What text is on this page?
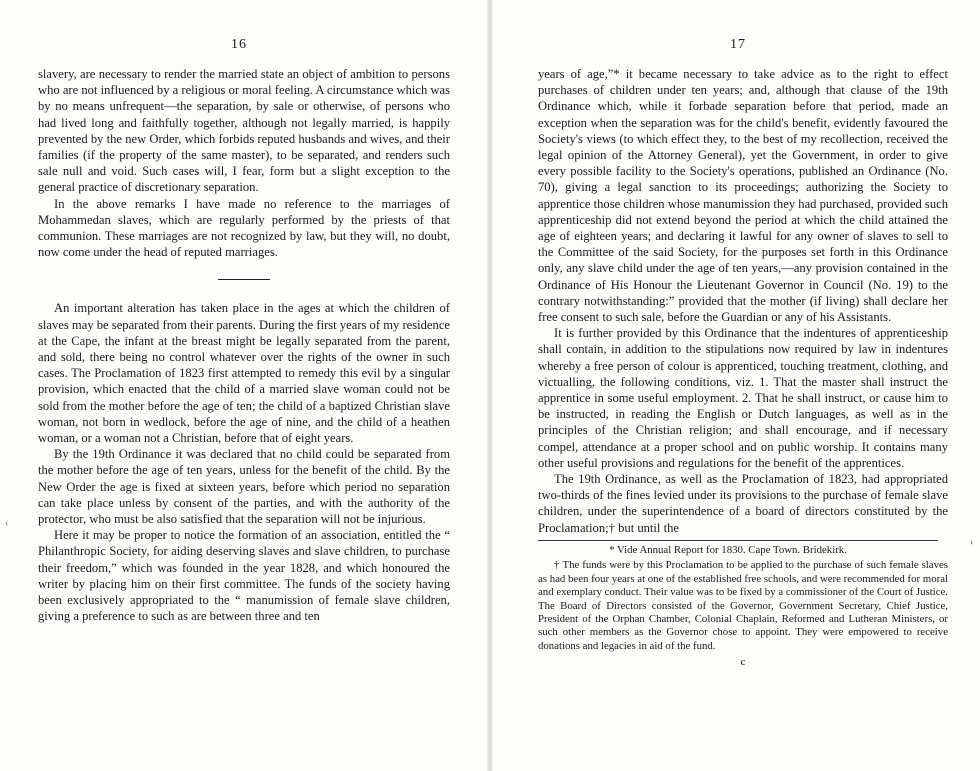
16

slavery, are necessary to render the married state an object of ambition to persons who are not influenced by a religious or moral feeling. A circumstance which was by no means unfrequent—the separation, by sale or otherwise, of persons who had lived long and faithfully together, although not legally married, is happily prevented by the new Order, which forbids reputed husbands and wives, and their families (if the property of the same master), to be separated, and renders such sale null and void. Such cases will, I fear, form but a slight exception to the general practice of discretionary separation.

In the above remarks I have made no reference to the marriages of Mohammedan slaves, which are regularly performed by the priests of that communion. These marriages are not recognized by law, but they will, no doubt, now come under the head of reputed marriages.

An important alteration has taken place in the ages at which the children of slaves may be separated from their parents. During the first years of my residence at the Cape, the infant at the breast might be legally separated from the parent, and sold, there being no control whatever over the rights of the owner in such cases. The Proclamation of 1823 first attempted to remedy this evil by a singular provision, which enacted that the child of a married slave woman could not be sold from the mother before the age of ten; the child of a baptized Christian slave woman, not born in wedlock, before the age of nine, and the child of a heathen woman, or a woman not a Christian, before that of eight years.

By the 19th Ordinance it was declared that no child could be separated from the mother before the age of ten years, unless for the benefit of the child. By the New Order the age is fixed at sixteen years, before which period no separation can take place unless by consent of the parties, and with the authority of the protector, who must be also satisfied that the separation will not be injurious.

Here it may be proper to notice the formation of an association, entitled the “ Philanthropic Society, for aiding deserving slaves and slave children, to purchase their freedom,” which was founded in the year 1828, and which honoured the writer by placing him on their first committee. The funds of the society having been exclusively appropriated to the “ manumission of female slave children, giving a preference to such as are between three and ten

17

years of age,”* it became necessary to take advice as to the right to effect purchases of children under ten years; and, although that clause of the 19th Ordinance which, while it forbade separation before that period, made an exception when the separation was for the child's benefit, evidently favoured the Society's views (to which effect they, to the best of my recollection, received the legal opinion of the Attorney General), yet the Government, in order to give every possible facility to the Society's operations, published an Ordinance (No. 70), giving a legal sanction to its proceedings; authorizing the Society to apprentice those children whose manumission they had purchased, provided such apprenticeship did not extend beyond the period at which the child attained the age of eighteen years; and declaring it lawful for any owner of slaves to sell to the Committee of the said Society, for the purposes set forth in this Ordinance only, any slave child under the age of ten years,—any provision contained in the Ordinance of His Honour the Lieutenant Governor in Council (No. 19) to the contrary notwithstanding:” provided that the mother (if living) shall declare her free consent to such sale, before the Guardian or any of his Assistants.

It is further provided by this Ordinance that the indentures of apprenticeship shall contain, in addition to the stipulations now required by law in indentures whereby a free person of colour is apprenticed, touching treatment, clothing, and victualling, the following conditions, viz. 1. That the master shall instruct the apprentice in some useful employment. 2. That he shall instruct, or cause him to be instructed, in reading the English or Dutch languages, as well as in the principles of the Christian religion; and shall encourage, and if necessary compel, attendance at a proper school and on public worship. It contains many other useful provisions and regulations for the benefit of the apprentices.

The 19th Ordinance, as well as the Proclamation of 1823, had appropriated two-thirds of the fines levied under its provisions to the purchase of female slave children, under the superintendence of a board of directors constituted by the Proclamation;† but until the

* Vide Annual Report for 1830. Cape Town. Bridekirk.

† The funds were by this Proclamation to be applied to the purchase of such female slaves as had been four years at one of the established free schools, and were recommended for moral and exemplary conduct. Their value was to be fixed by a commissioner of the Court of Justice. The Board of Directors consisted of the Governor, Government Secretary, Chief Justice, President of the Orphan Chamber, Colonial Chaplain, Reformed and Lutheran Ministers, or such other members as the Governor chose to appoint. They were empowered to receive donations and legacies in aid of the fund.

c
‹
›
